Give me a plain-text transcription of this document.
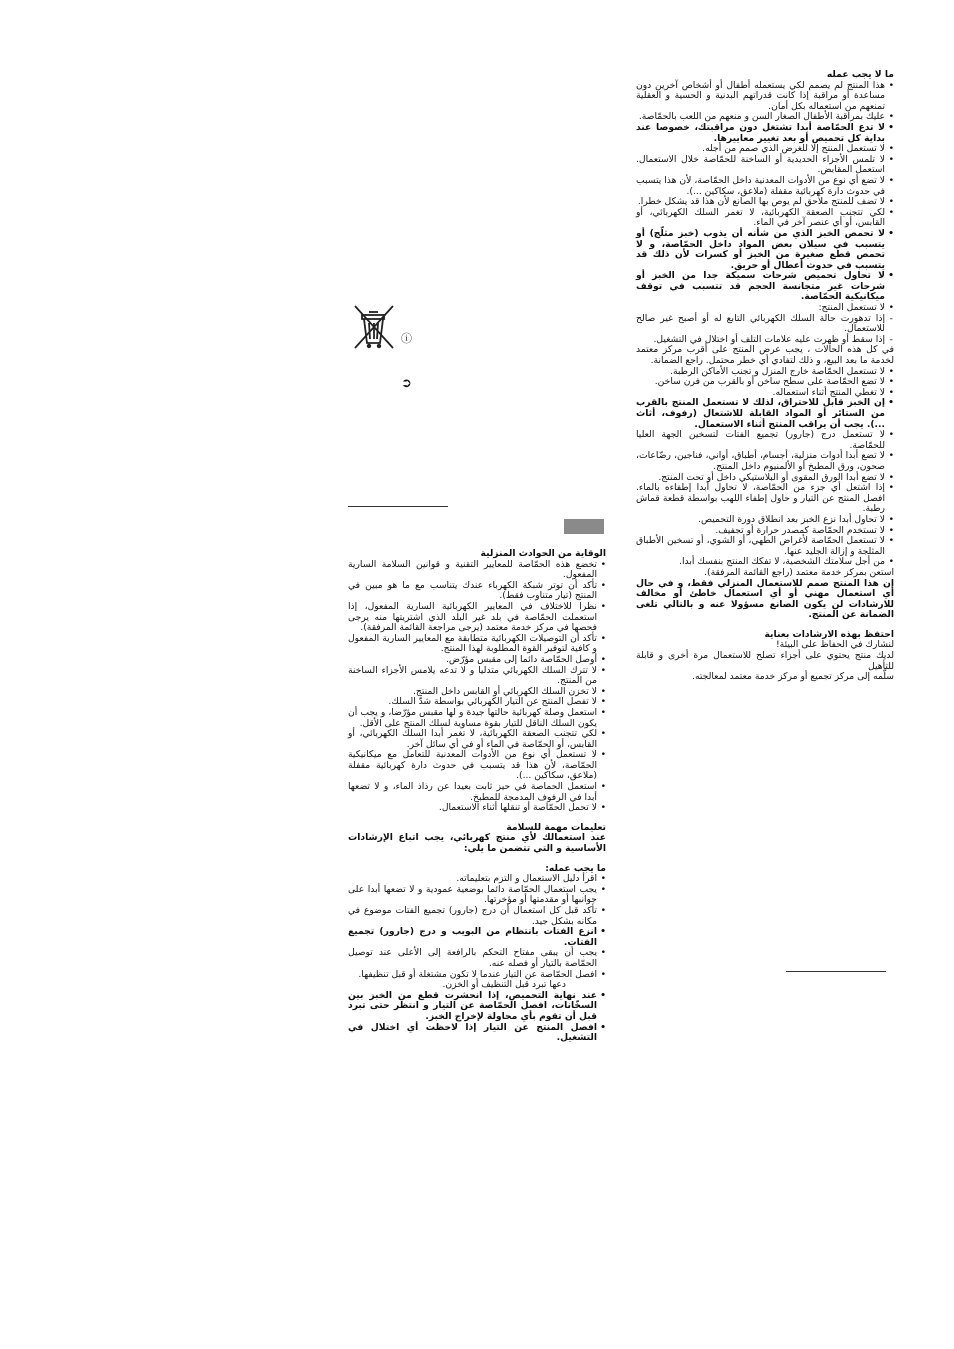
ما لا يجب عمله

• هذا المنتج لم يصمم لكي يستعمله أطفال أو أشخاص آخرين دون مساعدة أو مراقبة إذا كانت قدراتهم البدنية و الحسية و العقلية تمنعهم من استعماله بكل أمان.
• عليك بمراقبة الأطفال الصغار السن و منعهم من اللعب بالحمّاصة.
• لا تدع الحمّاصة أبدا تشتغل دون مراقبتك، خصوصا عند بداية كل تحميص أو بعد تغيير معاييرها.
• لا تستعمل المنتج إلا للغرض الذي صمم من أجله.
• لا تلمس الأجزاء الحديدية أو الساخنة للحمّاصة خلال الاستعمال. استعمل المقابض.
• لا تضع أي نوع من الأدوات المعدنية داخل الحمّاصة، لأن هذا يتسبب في حدوث دارة كهربائية مقفلة (ملاعق، سكاكين ...).
• لا تضف للمنتج ملاحق لم يوص بها الصانع لأن هذا قد يشكل خطرا.
• لكي تتجنب الصعقة الكهربائية، لا تغمر السلك الكهربائي، أو القابس، أو أي عنصر آخر في الماء.
• لا تحمص الخبز الذي من شأنه أن يذوب (خبز مثلّج) أو يتسبب في سيلان بعض المواد داخل الحمّاصة، و لا تحمص قطع صغيرة من الخبز أو كسرات لأن ذلك قد يتسبب في حدوث أعطال أو حريق.
• لا تحاول تحميص شرحات سميكة جدا من الخبز أو شرحات غير متجانسة الحجم قد تتسبب في توقف ميكانيكية الحمّاصة.
• لا تستعمل المنتج:
- إذا تدهورت حالة السلك الكهربائي التابع له أو أصبح غير صالح للاستعمال.
- إذا سقط أو ظهرت عليه علامات التلف أو اختلال في التشغيل.

في كل هذه الحالات ، يجب عرض المنتج على أقرب مركز معتمد لخدمة ما بعد البيع، و ذلك لتفادي أي خطر محتمل. راجع الضمانة.

• لا تستعمل الحمّاصة خارج المنزل و تجنب الأماكن الرطبة.
• لا تضع الحمّاصة على سطح ساخن أو بالقرب من فرن ساخن.
• لا تغطي المنتج أثناء استعماله.
• إن الخبز قابل للاحتراق، لذلك لا تستعمل المنتج بالقرب من الستائر أو المواد القابلة للاشتعال (رفوف، أثاث ...). يجب أن يراقب المنتج أثناء الاستعمال.
• لا تستعمل درج (جارور) تجميع الفتات لتسخين الجهة العليا للحمّاصة.
• لا تضع أبدا أدوات منزلية، أجسام، أطباق، أواني، فناجين، رضّاعات، صحون، ورق المطبخ أو الألمنيوم داخل المنتج.
• لا تضع أبدا الورق المقوى أو البلاستيكي داخل أو تحت المنتج.
• إذا اشتعل أي جزء من الحمّاصة، لا تحاول أبدا إطفاءه بالماء. افصل المنتج عن التيار و حاول إطفاء اللهب بواسطة قطعة قماش رطبة.
• لا تحاول أبدا نزع الخبز بعد انطلاق دورة التحميص.
• لا تستخدم الحمّاصة كمصدر حرارة أو تجفيف.
• لا تستعمل الحمّاصة لأغراض الطهي، أو الشوي، أو تسخين الأطباق المثلجة و إزالة الجليد عنها.
• من أجل سلامتك الشخصية، لا تفكك المنتج بنفسك أبدا.

استعن بمركز خدمة معتمد (راجع القائمة المرفقة).

إن هذا المنتج صمم للاستعمال المنزلي فقط، و في حال أي استعمال مهني أو أي استعمال خاطئ أو مخالف للارشادات لن يكون الصانع مسؤولا عنه و بالتالي تلغى الضمانة عن المنتج.

احتفظ بهذه الارشادات بعناية

لنشارك في الحفاظ على البيئة!

لديك منتج يحتوي على أجزاء تصلح للاستعمال مرة أخرى و قابلة للتأهيل

سلّمه إلى مركز تجميع أو مركز خدمة معتمد لمعالجته.

ⓘ
➲

الوقاية من الحوادث المنزلية

• تخضع هذه الحمّاصة للمعايير التقنية و قوانين السلامة السارية المفعول.
• تأكد أن توتر شبكة الكهرباء عندك يتناسب مع ما هو مبين في المنتج (تيار متناوب فقط).
• نظرا للاختلاف في المعايير الكهربائية السارية المفعول، إذا استعملت الحمّاصة في بلد غير البلد الذي اشتريتها منه يرجى فحصها في مركز خدمة معتمد (يرجى مراجعة القائمة المرفقة).
• تأكد أن التوصيلات الكهربائية متطابقة مع المعايير السارية المفعول و كافية لتوفير القوة المطلوبة لهذا المنتج.
• أوصل الحمّاصة دائما إلى مقبس مؤرّض.
• لا تترك السلك الكهربائي متدليا و لا تدعه يلامس الأجزاء الساخنة من المنتج.
• لا تخزن السلك الكهربائي أو القابس داخل المنتج.
• لا تفصل المنتج عن التيار الكهربائي بواسطة شدّ السلك.
• استعمل وصلة كهربائية حالتها جيدة و لها مقبس مؤرّضا، و يجب أن يكون السلك الناقل للتيار بقوة مساوية لسلك المنتج على الأقل.
• لكي تتجنب الصعقة الكهربائية، لا تغمر أبدا السلك الكهربائي، أو القابس، أو الحمّاصة في الماء أو في أي سائل آخر.
• لا تستعمل أي نوع من الأدوات المعدنية للتعامل مع ميكانيكية الحمّاصة، لأن هذا قد يتسبب في حدوث دارة كهربائية مقفلة (ملاعق، سكاكين ...).
• استعمل الحماصة في حيز ثابت بعيدا عن رذاذ الماء، و لا تضعها أبدا في الرفوف المدمجة للمطبخ.
• لا تحمل الحمّاصة أو تنقلها أثناء الاستعمال.

تعليمات مهمة للسلامة

عند استعمالك لأي منتج كهربائي، يجب اتباع الإرشادات الأساسية و التي تتضمن ما يلي:

ما يجب عمله:

• اقرأ دليل الاستعمال و التزم بتعليماته.
• يجب استعمال الحمّاصة دائما بوضعية عمودية و لا تضعها أبدا على جوانبها أو مقدمتها أو مؤخرتها.
• تأكد قبل كل استعمال أن درج (جارور) تجميع الفتات موضوع في مكانه بشكل جيد.
• انزع الفتات بانتظام من البويب و درج (جارور) تجميع الفتات.
• يجب أن يبقى مفتاح التحكم بالرافعة إلى الأعلى عند توصيل الحمّاصة بالتيار أو فصله عنه.
• افصل الحمّاصة عن التيار عندما لا تكون مشتغلة أو قبل تنظيفها.

دعها تبرد قبل التنظيف أو الخزن.

• عند نهاية التحميص، إذا انحشرت قطع من الخبز بين السخّانات، افصل الحمّاصة عن التيار و انتظر حتى تبرد قبل أن تقوم بأي محاولة لإخراج الخبز.
• افصل المنتج عن التيار إذا لاحظت أي اختلال في التشغيل.
